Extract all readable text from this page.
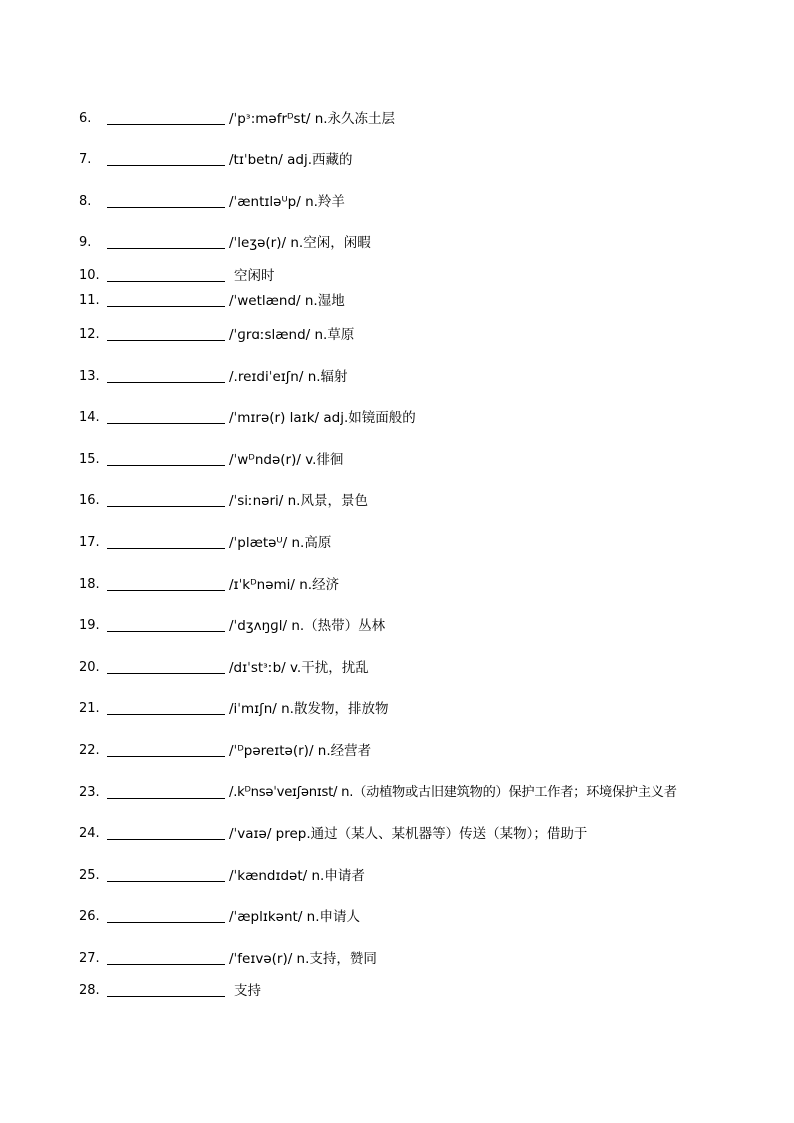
6.	/ˈpᶟ:məfrᴰst/ n.永久冻土层
7.	/tɪˈbetn/ adj.西藏的
8.	/ˈæntɪləᵁp/ n.羚羊
9.	/ˈleʒə(r)/ n.空闲，闲暇
10.	空闲时
11.	/ˈwetlænd/ n.湿地
12.	/ˈɡrɑːslænd/ n.草原
13.	/.reɪdiˈeɪʃn/ n.辐射
14.	/ˈmɪrə(r) laɪk/ adj.如镜面般的
15.	/ˈwᴰndə(r)/ v.徘徊
16.	/ˈsiːnəri/ n.风景，景色
17.	/ˈplætəᵁ/ n.高原
18.	/ɪˈkᴰnəmi/ n.经济
19.	/ˈdʒʌŋɡl/ n.（热带）丛林
20.	/dɪˈstᶟːb/ v.干扰，扰乱
21.	/iˈmɪʃn/ n.散发物，排放物
22.	/ˈᴰpəreɪtə(r)/ n.经营者
23.	/.kᴰnsəˈveɪʃənɪst/ n.（动植物或古旧建筑物的）保护工作者；环境保护主义者
24.	/ˈvaɪə/ prep.通过（某人、某机器等）传送（某物）；借助于
25.	/ˈkændɪdət/ n.申请者
26.	/ˈæplɪkənt/ n.申请人
27.	/ˈfeɪvə(r)/ n.支持，赞同
28.	支持
